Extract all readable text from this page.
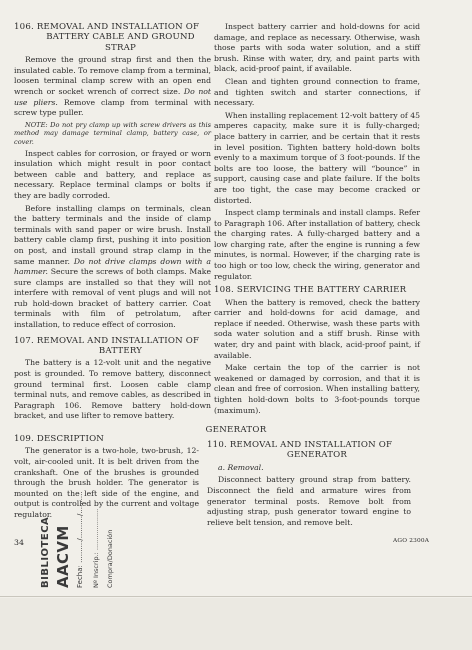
106. REMOVAL AND INSTALLATION OF
BATTERY CABLE AND GROUND STRAP

Remove the ground strap first and then the insulated cable. To remove clamp from a terminal, loosen terminal clamp screw with an open end wrench or socket wrench of correct size. Do not use pliers. Remove clamp from terminal with screw type puller.

NOTE: Do not pry clamp up with screw drivers as this method may damage terminal clamp, battery case, or cover.

Inspect cables for corrosion, or frayed or worn insulation which might result in poor contact between cable and battery, and replace as necessary. Replace terminal clamps or bolts if they are badly corroded.

Before installing clamps on terminals, clean the battery terminals and the inside of clamp terminals with sand paper or wire brush. Install battery cable clamp first, pushing it into position on post, and install ground strap clamp in the same manner. Do not drive clamps down with a hammer. Secure the screws of both clamps. Make sure clamps are installed so that they will not interfere with removal of vent plugs and will not rub hold-down bracket of battery carrier. Coat terminals with film of petrolatum, after installation, to reduce effect of corrosion.

107. REMOVAL AND INSTALLATION OF
BATTERY

The battery is a 12-volt unit and the negative post is grounded. To remove battery, disconnect ground terminal first. Loosen cable clamp terminal nuts, and remove cables, as described in Paragraph 106. Remove battery hold-down bracket, and use lifter to remove battery.

Inspect battery carrier and hold-downs for acid damage, and replace as necessary. Otherwise, wash those parts with soda water solution, and a stiff brush. Rinse with water, dry, and paint parts with black, acid-proof paint, if available.

Clean and tighten ground connection to frame, and tighten switch and starter connections, if necessary.

When installing replacement 12-volt battery of 45 amperes capacity, make sure it is fully-charged; place battery in carrier, and be certain that it rests in level position. Tighten battery hold-down bolts evenly to a maximum torque of 3 foot-pounds. If the bolts are too loose, the battery will “bounce” in support, causing case and plate failure. If the bolts are too tight, the case may become cracked or distorted.

Inspect clamp terminals and install clamps. Refer to Paragraph 106. After installation of battery, check the charging rates. A fully-charged battery and a low charging rate, after the engine is running a few minutes, is normal. However, if the charging rate is too high or too low, check the wiring, generator and regulator.

108. SERVICING THE BATTERY CARRIER

When the battery is removed, check the battery carrier and hold-downs for acid damage, and replace if needed. Otherwise, wash these parts with soda water solution and a stiff brush. Rinse with water, dry and paint with black, acid-proof paint, if available.

Make certain the top of the carrier is not weakened or damaged by corrosion, and that it is clean and free of corrosion. When installing battery, tighten hold-down bolts to 3-foot-pounds torque (maximum).

GENERATOR
109. DESCRIPTION

The generator is a two-hole, two-brush, 12-volt, air-cooled unit. It is belt driven from the crankshaft. One of the brushes is grounded through the brush holder. The generator is mounted on the left side of the engine, and output is controlled by the current and voltage regulator.

110. REMOVAL AND INSTALLATION OF
GENERATOR

a. Removal.

Disconnect battery ground strap from battery. Disconnect the field and armature wires from generator terminal posts. Remove bolt from adjusting strap, push generator toward engine to relieve belt tension, and remove belt.

34	AGO 2300A
BIBLIOTECA AACVM Fecha: ........../........../.......... Nº Inscrip.: .................... Compra/Donación
